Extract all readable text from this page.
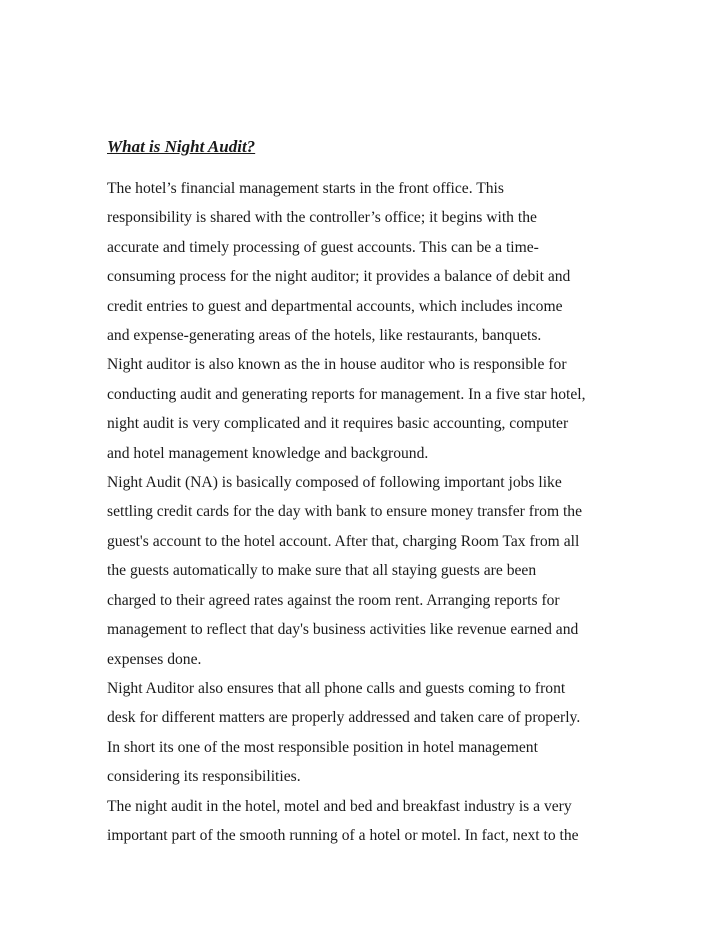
What is Night Audit?
The hotel’s financial management starts in the front office. This
responsibility is shared with the controller’s office; it begins with the
accurate and timely processing of guest accounts. This can be a time-
consuming process for the night auditor; it provides a balance of debit and
credit entries to guest and departmental accounts, which includes income
and expense-generating areas of the hotels, like restaurants, banquets.
Night auditor is also known as the in house auditor who is responsible for
conducting audit and generating reports for management. In a five star hotel,
night audit is very complicated and it requires basic accounting, computer
and hotel management knowledge and background.
Night Audit (NA) is basically composed of following important jobs like
settling credit cards for the day with bank to ensure money transfer from the
guest's account to the hotel account. After that, charging Room Tax from all
the guests automatically to make sure that all staying guests are been
charged to their agreed rates against the room rent. Arranging reports for
management to reflect that day's business activities like revenue earned and
expenses done.
Night Auditor also ensures that all phone calls and guests coming to front
desk for different matters are properly addressed and taken care of properly.
In short its one of the most responsible position in hotel management
considering its responsibilities.
The night audit in the hotel, motel and bed and breakfast industry is a very
important part of the smooth running of a hotel or motel. In fact, next to the
